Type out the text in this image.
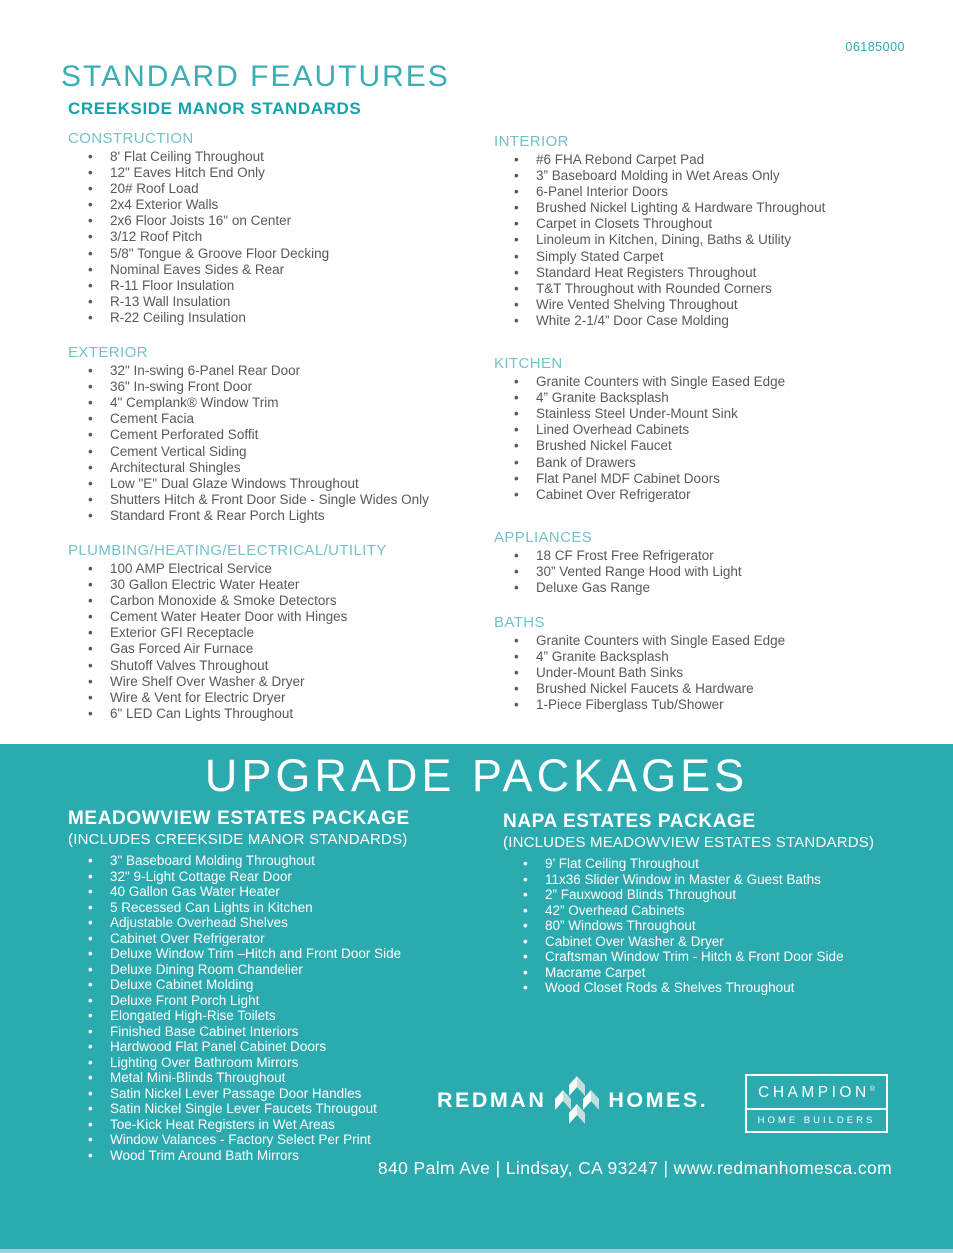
06185000
STANDARD FEAUTURES
CREEKSIDE MANOR STANDARDS
CONSTRUCTION
• 8' Flat Ceiling Throughout
• 12" Eaves Hitch End Only
• 20# Roof Load
• 2x4 Exterior Walls
• 2x6 Floor Joists 16" on Center
• 3/12 Roof Pitch
• 5/8" Tongue & Groove Floor Decking
• Nominal Eaves Sides & Rear
• R-11 Floor Insulation
• R-13 Wall Insulation
• R-22 Ceiling Insulation
EXTERIOR
• 32" In-swing 6-Panel Rear Door
• 36" In-swing Front Door
• 4" Cemplank® Window Trim
• Cement Facia
• Cement Perforated Soffit
• Cement Vertical Siding
• Architectural Shingles
• Low "E" Dual Glaze Windows Throughout
• Shutters Hitch & Front Door Side - Single Wides Only
• Standard Front & Rear Porch Lights
PLUMBING/HEATING/ELECTRICAL/UTILITY
• 100 AMP Electrical Service
• 30 Gallon Electric Water Heater
• Carbon Monoxide & Smoke Detectors
• Cement Water Heater Door with Hinges
• Exterior GFI Receptacle
• Gas Forced Air Furnace
• Shutoff Valves Throughout
• Wire Shelf Over Washer & Dryer
• Wire & Vent for Electric Dryer
• 6" LED Can Lights Throughout
INTERIOR
• #6 FHA Rebond Carpet Pad
• 3” Baseboard Molding in Wet Areas Only
• 6-Panel Interior Doors
• Brushed Nickel Lighting & Hardware Throughout
• Carpet in Closets Throughout
• Linoleum in Kitchen, Dining, Baths & Utility
• Simply Stated Carpet
• Standard Heat Registers Throughout
• T&T Throughout with Rounded Corners
• Wire Vented Shelving Throughout
• White 2-1/4” Door Case Molding
KITCHEN
• Granite Counters with Single Eased Edge
• 4” Granite Backsplash
• Stainless Steel Under-Mount Sink
• Lined Overhead Cabinets
• Brushed Nickel Faucet
• Bank of Drawers
• Flat Panel MDF Cabinet Doors
• Cabinet Over Refrigerator
APPLIANCES
• 18 CF Frost Free Refrigerator
• 30” Vented Range Hood with Light
• Deluxe Gas Range
BATHS
• Granite Counters with Single Eased Edge
• 4” Granite Backsplash
• Under-Mount Bath Sinks
• Brushed Nickel Faucets & Hardware
• 1-Piece Fiberglass Tub/Shower
UPGRADE PACKAGES
MEADOWVIEW ESTATES PACKAGE
(INCLUDES CREEKSIDE MANOR STANDARDS)
• 3" Baseboard Molding Throughout
• 32" 9-Light Cottage Rear Door
• 40 Gallon Gas Water Heater
• 5 Recessed Can Lights in Kitchen
• Adjustable Overhead Shelves
• Cabinet Over Refrigerator
• Deluxe Window Trim –Hitch and Front Door Side
• Deluxe Dining Room Chandelier
• Deluxe Cabinet Molding
• Deluxe Front Porch Light
• Elongated High-Rise Toilets
• Finished Base Cabinet Interiors
• Hardwood Flat Panel Cabinet Doors
• Lighting Over Bathroom Mirrors
• Metal Mini-Blinds Throughout
• Satin Nickel Lever Passage Door Handles
• Satin Nickel Single Lever Faucets Througout
• Toe-Kick Heat Registers in Wet Areas
• Window Valances - Factory Select Per Print
• Wood Trim Around Bath Mirrors
NAPA ESTATES PACKAGE
(INCLUDES MEADOWVIEW ESTATES STANDARDS)
• 9’ Flat Ceiling Throughout
• 11x36 Slider Window in Master & Guest Baths
• 2” Fauxwood Blinds Throughout
• 42” Overhead Cabinets
• 80” Windows Throughout
• Cabinet Over Washer & Dryer
• Craftsman Window Trim - Hitch & Front Door Side
• Macrame Carpet
• Wood Closet Rods & Shelves Throughout
REDMAN	HOMES.	CHAMPION®
HOME BUILDERS
840 Palm Ave | Lindsay, CA 93247 | www.redmanhomesca.com
